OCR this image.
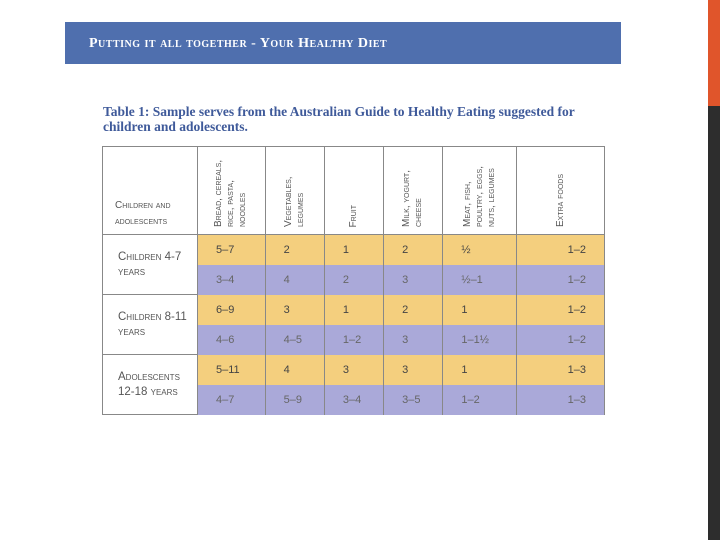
Putting it all together - Your Healthy Diet
Table 1: Sample serves from the Australian Guide to Healthy Eating suggested for children and adolescents.
Children and adolescents	Bread, cereals, rice, pasta, noodles	Vegetables, legumes	Fruit	Milk, yogurt, cheese	Meat, fish, poultry, eggs, nuts, legumes	Extra foods
Children 4-7 years	5–7	2	1	2	½	1–2
	3–4	4	2	3	½–1	1–2
Children 8-11 years	6–9	3	1	2	1	1–2
	4–6	4–5	1–2	3	1–1½	1–2
Adolescents 12-18 years	5–11	4	3	3	1	1–3
	4–7	5–9	3–4	3–5	1–2	1–3
